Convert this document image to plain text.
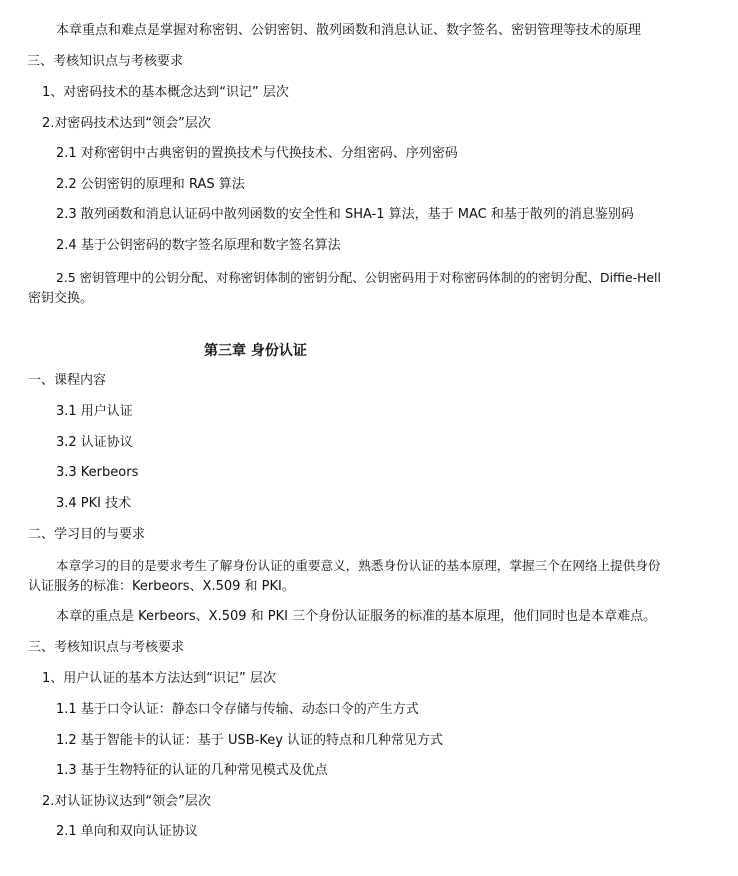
本章重点和难点是掌握对称密钥、公钥密钥、散列函数和消息认证、数字签名、密钥管理等技术的原理
三、考核知识点与考核要求
1、对密码技术的基本概念达到“识记” 层次
2.对密码技术达到“领会”层次
2.1 对称密钥中古典密钥的置换技术与代换技术、分组密码、序列密码
2.2 公钥密钥的原理和 RAS 算法
2.3 散列函数和消息认证码中散列函数的安全性和 SHA-1 算法，基于 MAC 和基于散列的消息鉴别码
2.4 基于公钥密码的数字签名原理和数字签名算法
2.5 密钥管理中的公钥分配、对称密钥体制的密钥分配、公钥密码用于对称密码体制的的密钥分配、Diffie-Hell
密钥交换。
第三章 身份认证
一、课程内容
3.1 用户认证
3.2 认证协议
3.3 Kerbeors
3.4 PKI 技术
二、学习目的与要求
本章学习的目的是要求考生了解身份认证的重要意义，熟悉身份认证的基本原理，掌握三个在网络上提供身份
认证服务的标准：Kerbeors、X.509 和 PKI。
本章的重点是 Kerbeors、X.509 和 PKI 三个身份认证服务的标准的基本原理，他们同时也是本章难点。
三、考核知识点与考核要求
1、用户认证的基本方法达到“识记” 层次
1.1 基于口令认证：静态口令存储与传输、动态口令的产生方式
1.2 基于智能卡的认证：基于 USB-Key 认证的特点和几种常见方式
1.3 基于生物特征的认证的几种常见模式及优点
2.对认证协议达到“领会”层次
2.1 单向和双向认证协议
